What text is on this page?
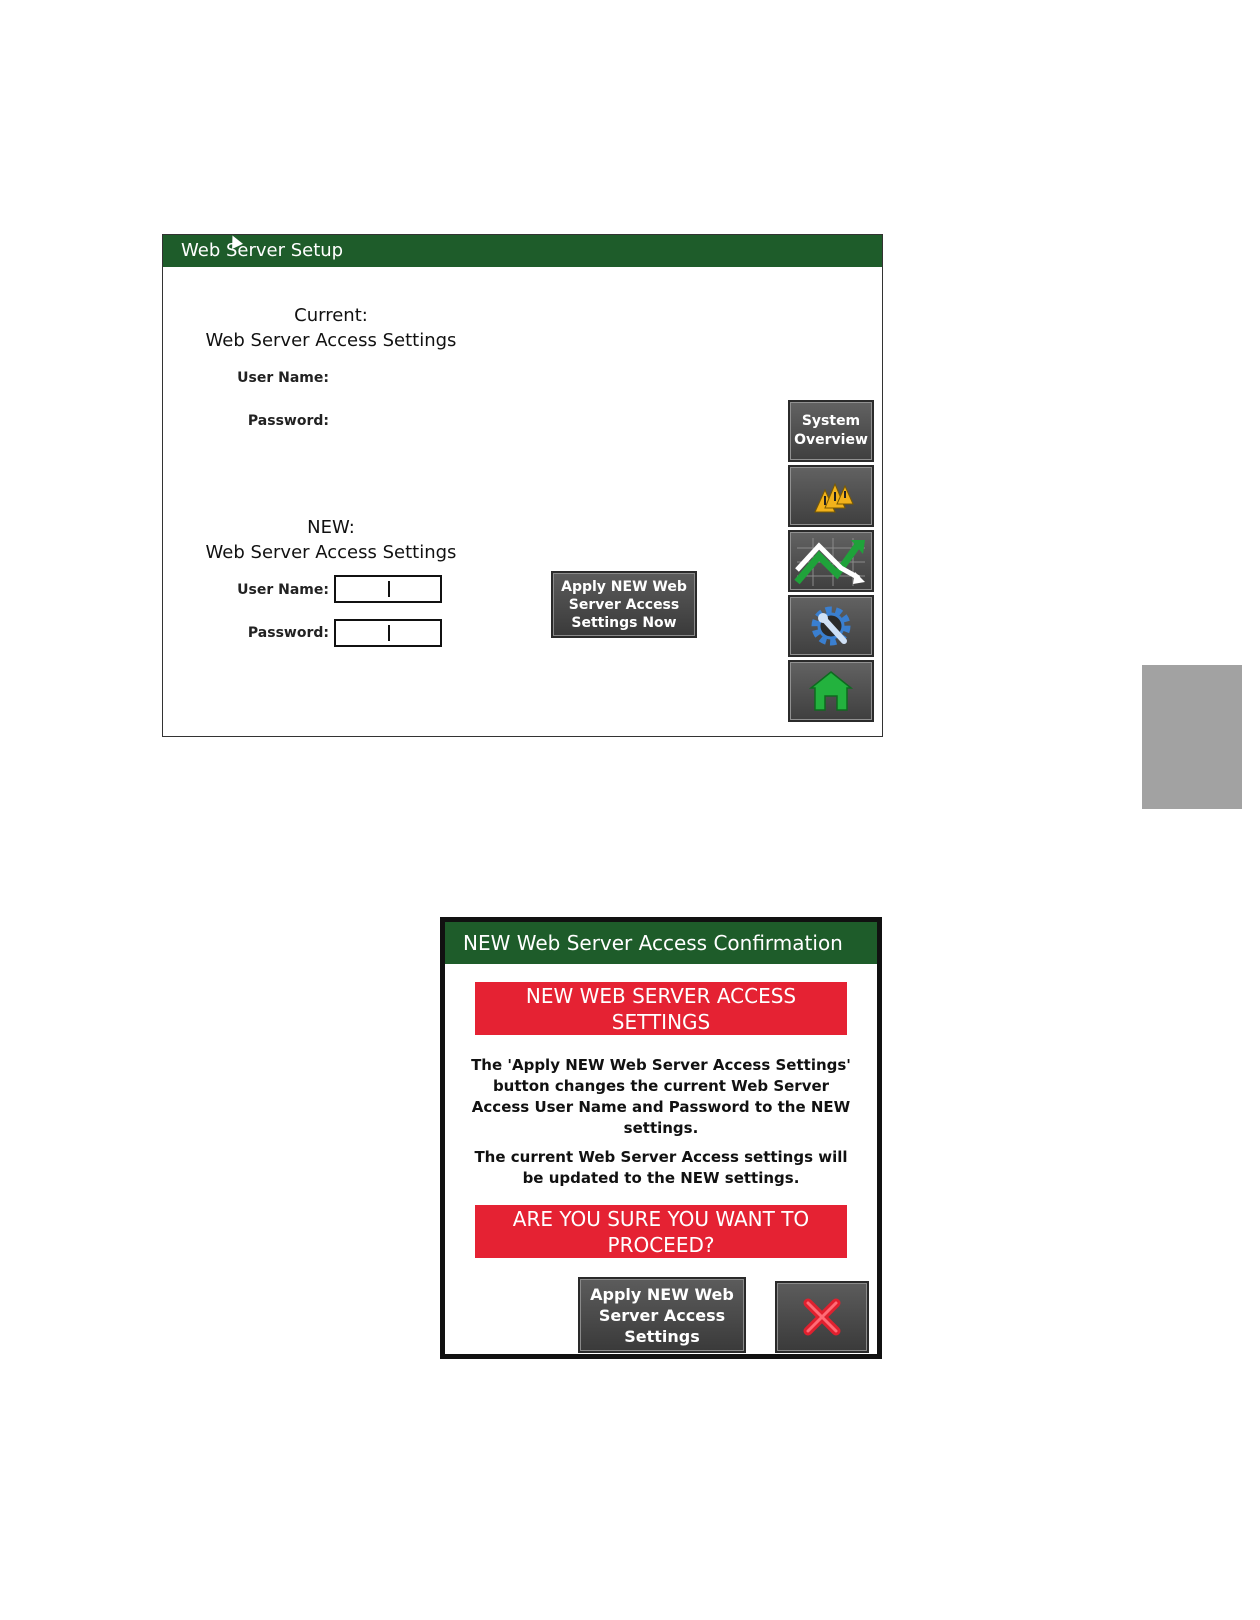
Web Server Setup
Current:
Web Server Access Settings
User Name:
Password:
NEW:
Web Server Access Settings
User Name:
Password:
Apply NEW Web
Server Access
Settings Now
System
Overview
NEW Web Server Access Confirmation
NEW WEB SERVER ACCESS
SETTINGS
The 'Apply NEW Web Server Access Settings'
button changes the current Web Server
Access User Name and Password to the NEW
settings.
The current Web Server Access settings will
be updated to the NEW settings.
ARE YOU SURE YOU WANT TO
PROCEED?
Apply NEW Web
Server Access
Settings
